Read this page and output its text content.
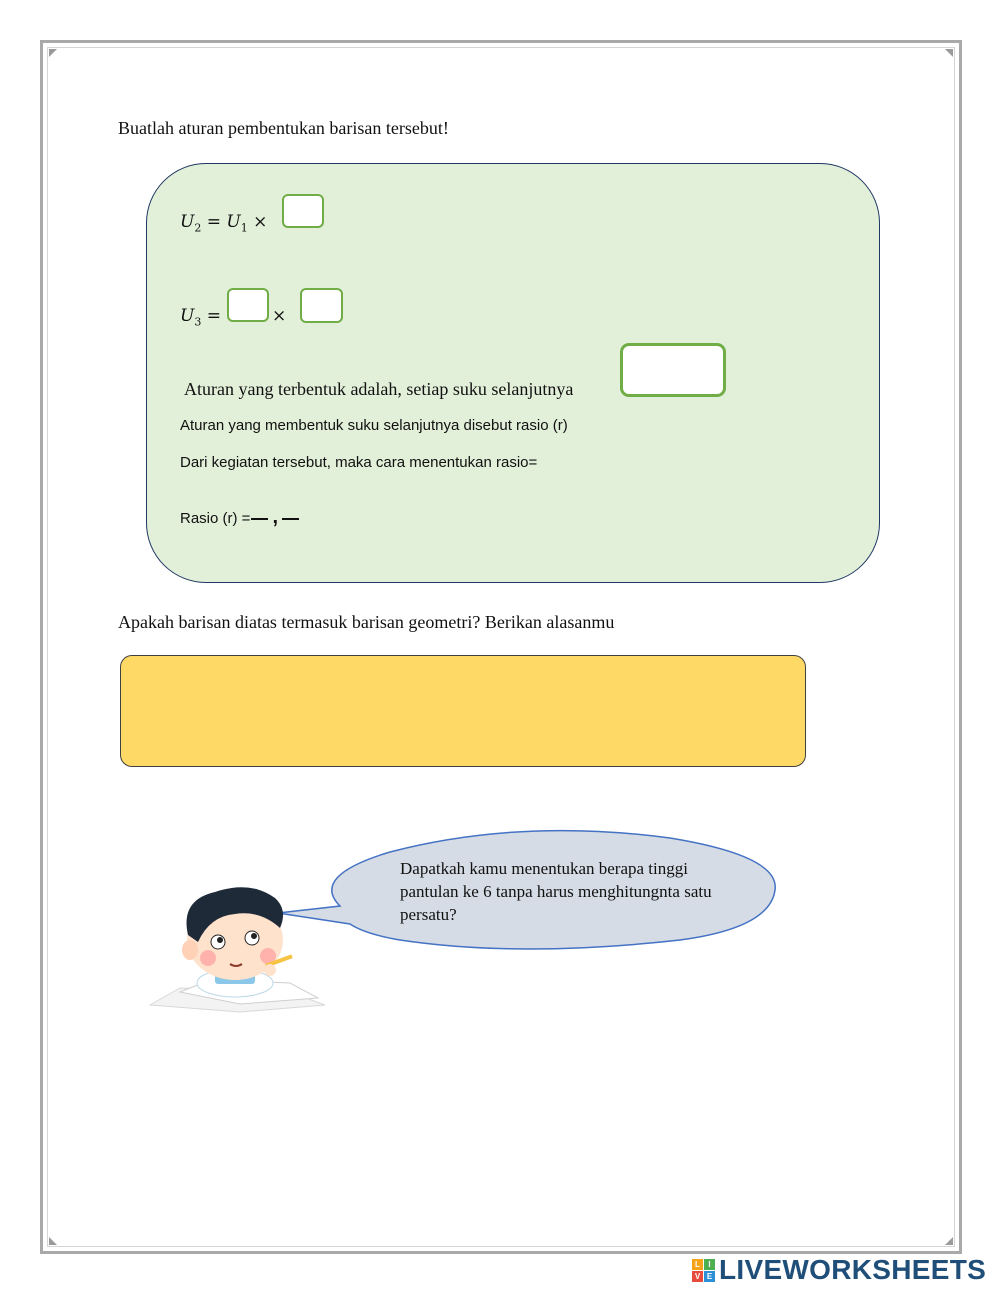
Buatlah aturan pembentukan barisan tersebut!
$U_2 = U_1$ ×
$U_3$ =	×
Aturan yang terbentuk adalah, setiap suku selanjutnya
Aturan yang membentuk suku selanjutnya disebut rasio (r)
Dari kegiatan tersebut, maka cara menentukan rasio=
Rasio (r) = ,
Apakah barisan diatas termasuk barisan geometri? Berikan alasanmu
Dapatkah kamu menentukan berapa tinggi pantulan ke 6 tanpa harus menghitungnta satu persatu?
L	I
V E LIVEWORKSHEETS
